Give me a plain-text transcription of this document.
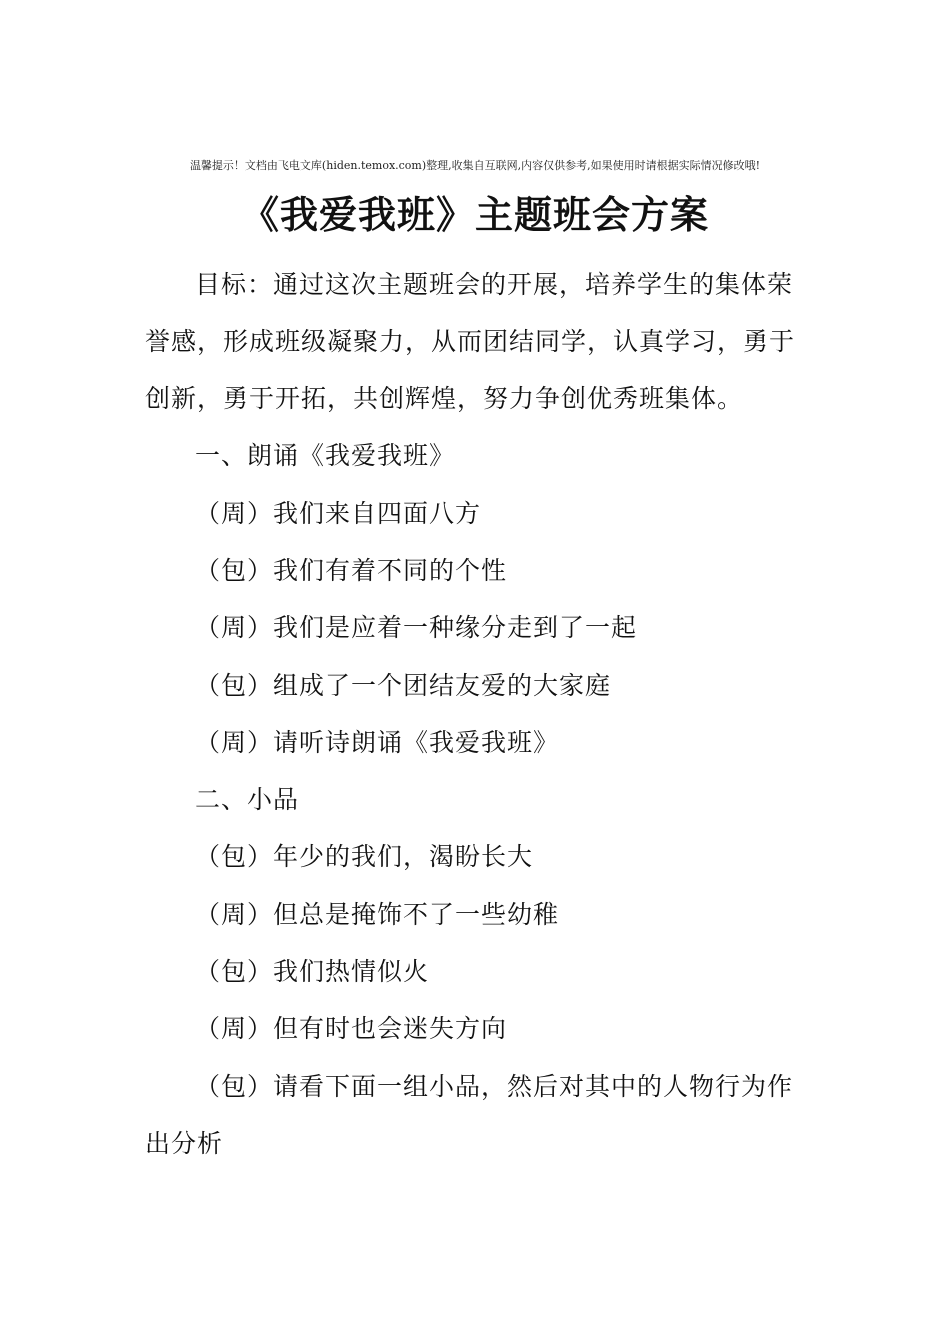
温馨提示！文档由飞电文库(hiden.temox.com)整理,收集自互联网,内容仅供参考,如果使用时请根据实际情况修改哦!
《我爱我班》主题班会方案

目标：通过这次主题班会的开展，培养学生的集体荣誉感，形成班级凝聚力，从而团结同学，认真学习，勇于创新，勇于开拓，共创辉煌，努力争创优秀班集体。

一、朗诵《我爱我班》

（周）我们来自四面八方

（包）我们有着不同的个性

（周）我们是应着一种缘分走到了一起

（包）组成了一个团结友爱的大家庭

（周）请听诗朗诵《我爱我班》

二、小品

（包）年少的我们，渴盼长大

（周）但总是掩饰不了一些幼稚

（包）我们热情似火

（周）但有时也会迷失方向

（包）请看下面一组小品，然后对其中的人物行为作出分析
